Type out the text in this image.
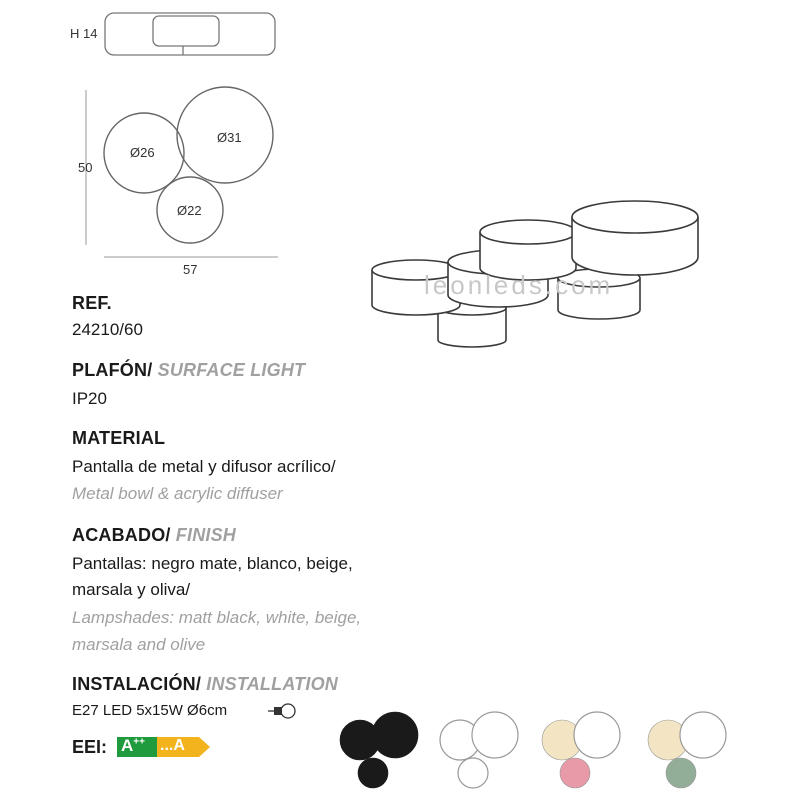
H 14
Ø26
Ø31
Ø22
50
57
leonleds.com
REF.
24210/60
PLAFÓN/ SURFACE LIGHT
IP20
MATERIAL
Pantalla de metal y difusor acrílico/
Metal bowl & acrylic diffuser
ACABADO/ FINISH
Pantallas: negro mate, blanco, beige,
marsala y oliva/
Lampshades: matt black, white, beige,
marsala and olive
INSTALACIÓN/ INSTALLATION
E27 LED 5x15W Ø6cm
EEI: A++ ...A
